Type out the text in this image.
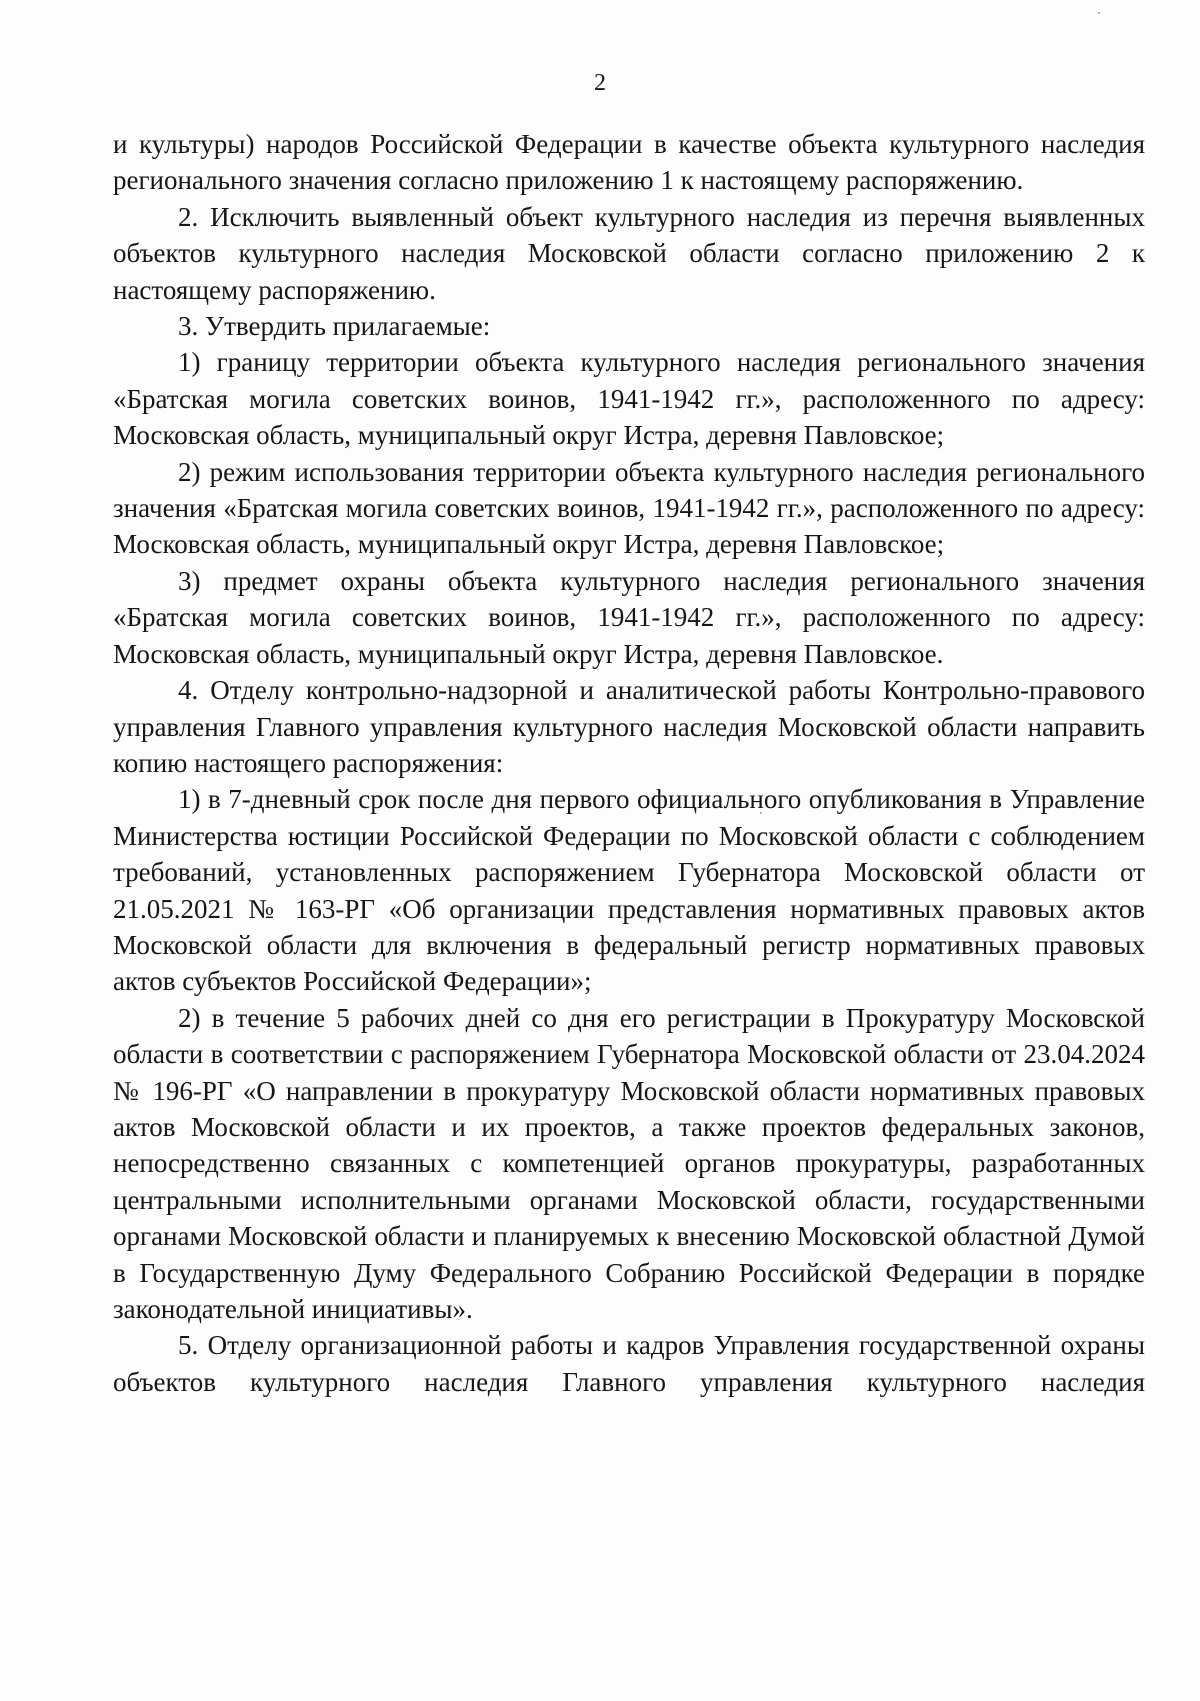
2

и культуры) народов Российской Федерации в качестве объекта культурного наследия регионального значения согласно приложению 1 к настоящему распоряжению.

2. Исключить выявленный объект культурного наследия из перечня выявленных объектов культурного наследия Московской области согласно приложению 2 к настоящему распоряжению.

3. Утвердить прилагаемые:

1) границу территории объекта культурного наследия регионального значения «Братская могила советских воинов, 1941-1942 гг.», расположенного по адресу: Московская область, муниципальный округ Истра, деревня Павловское;

2) режим использования территории объекта культурного наследия регионального значения «Братская могила советских воинов, 1941-1942 гг.», расположенного по адресу: Московская область, муниципальный округ Истра, деревня Павловское;

3) предмет охраны объекта культурного наследия регионального значения «Братская могила советских воинов, 1941-1942 гг.», расположенного по адресу: Московская область, муниципальный округ Истра, деревня Павловское.

4. Отделу контрольно-надзорной и аналитической работы Контрольно-правового управления Главного управления культурного наследия Московской области направить копию настоящего распоряжения:

1) в 7-дневный срок после дня первого официального опубликования в Управление Министерства юстиции Российской Федерации по Московской области с соблюдением требований, установленных распоряжением Губернатора Московской области от 21.05.2021 № 163-РГ «Об организации представления нормативных правовых актов Московской области для включения в федеральный регистр нормативных правовых актов субъектов Российской Федерации»;

2) в течение 5 рабочих дней со дня его регистрации в Прокуратуру Московской области в соответствии с распоряжением Губернатора Московской области от 23.04.2024 № 196-РГ «О направлении в прокуратуру Московской области нормативных правовых актов Московской области и их проектов, а также проектов федеральных законов, непосредственно связанных с компетенцией органов прокуратуры, разработанных центральными исполнительными органами Московской области, государственными органами Московской области и планируемых к внесению Московской областной Думой в Государственную Думу Федерального Собранию Российской Федерации в порядке законодательной инициативы».

5. Отделу организационной работы и кадров Управления государственной охраны объектов культурного наследия Главного управления культурного наследия
